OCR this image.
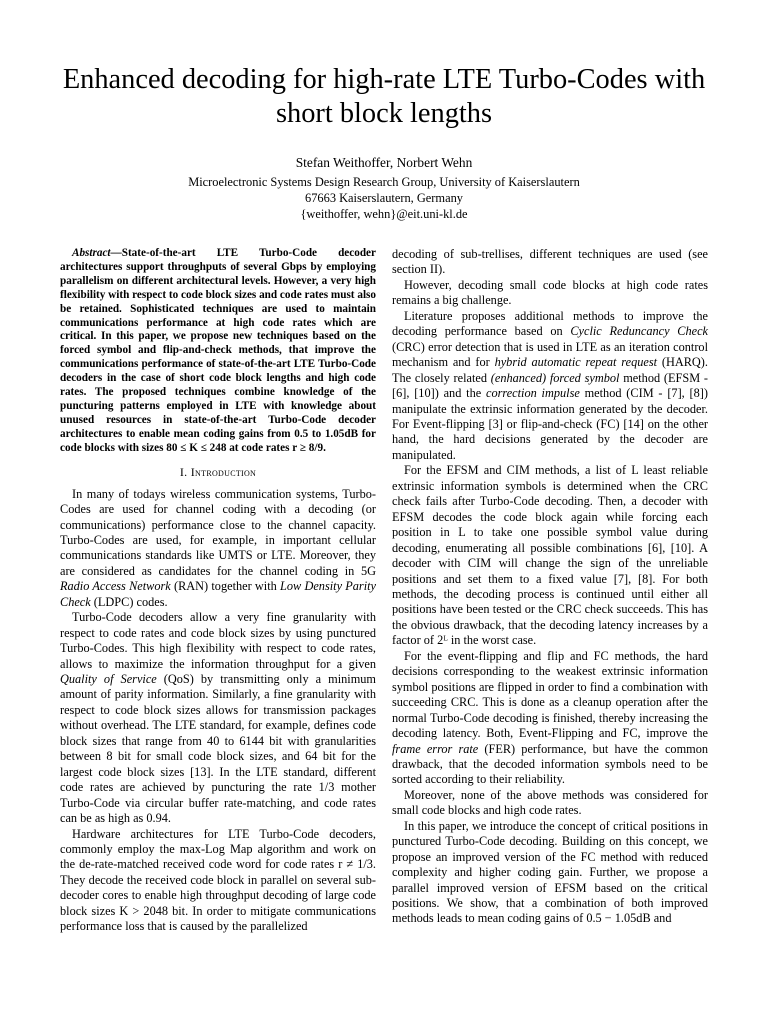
Enhanced decoding for high-rate LTE Turbo-Codes with short block lengths

Stefan Weithoffer, Norbert Wehn

Microelectronic Systems Design Research Group, University of Kaiserslautern

67663 Kaiserslautern, Germany

{weithoffer, wehn}@eit.uni-kl.de

Abstract—State-of-the-art LTE Turbo-Code decoder architectures support throughputs of several Gbps by employing parallelism on different architectural levels. However, a very high flexibility with respect to code block sizes and code rates must also be retained. Sophisticated techniques are used to maintain communications performance at high code rates which are critical. In this paper, we propose new techniques based on the forced symbol and flip-and-check methods, that improve the communications performance of state-of-the-art LTE Turbo-Code decoders in the case of short code block lengths and high code rates. The proposed techniques combine knowledge of the puncturing patterns employed in LTE with knowledge about unused resources in state-of-the-art Turbo-Code decoder architectures to enable mean coding gains from 0.5 to 1.05dB for code blocks with sizes 80 ≤ K ≤ 248 at code rates r ≥ 8/9.

I. Introduction

In many of todays wireless communication systems, Turbo-Codes are used for channel coding with a decoding (or communications) performance close to the channel capacity. Turbo-Codes are used, for example, in important cellular communications standards like UMTS or LTE. Moreover, they are considered as candidates for the channel coding in 5G Radio Access Network (RAN) together with Low Density Parity Check (LDPC) codes.

Turbo-Code decoders allow a very fine granularity with respect to code rates and code block sizes by using punctured Turbo-Codes. This high flexibility with respect to code rates, allows to maximize the information throughput for a given Quality of Service (QoS) by transmitting only a minimum amount of parity information. Similarly, a fine granularity with respect to code block sizes allows for transmission packages without overhead. The LTE standard, for example, defines code block sizes that range from 40 to 6144 bit with granularities between 8 bit for small code block sizes, and 64 bit for the largest code block sizes [13]. In the LTE standard, different code rates are achieved by puncturing the rate 1/3 mother Turbo-Code via circular buffer rate-matching, and code rates can be as high as 0.94.

Hardware architectures for LTE Turbo-Code decoders, commonly employ the max-Log Map algorithm and work on the de-rate-matched received code word for code rates r ≠ 1/3. They decode the received code block in parallel on several sub-decoder cores to enable high throughput decoding of large code block sizes K > 2048 bit. In order to mitigate communications performance loss that is caused by the parallelized

decoding of sub-trellises, different techniques are used (see section II).

However, decoding small code blocks at high code rates remains a big challenge.

Literature proposes additional methods to improve the decoding performance based on Cyclic Reduncancy Check (CRC) error detection that is used in LTE as an iteration control mechanism and for hybrid automatic repeat request (HARQ). The closely related (enhanced) forced symbol method (EFSM - [6], [10]) and the correction impulse method (CIM - [7], [8]) manipulate the extrinsic information generated by the decoder. For Event-flipping [3] or flip-and-check (FC) [14] on the other hand, the hard decisions generated by the decoder are manipulated.

For the EFSM and CIM methods, a list of L least reliable extrinsic information symbols is determined when the CRC check fails after Turbo-Code decoding. Then, a decoder with EFSM decodes the code block again while forcing each position in L to take one possible symbol value during decoding, enumerating all possible combinations [6], [10]. A decoder with CIM will change the sign of the unreliable positions and set them to a fixed value [7], [8]. For both methods, the decoding process is continued until either all positions have been tested or the CRC check succeeds. This has the obvious drawback, that the decoding latency increases by a factor of 2ᴸ in the worst case.

For the event-flipping and flip and FC methods, the hard decisions corresponding to the weakest extrinsic information symbol positions are flipped in order to find a combination with succeeding CRC. This is done as a cleanup operation after the normal Turbo-Code decoding is finished, thereby increasing the decoding latency. Both, Event-Flipping and FC, improve the frame error rate (FER) performance, but have the common drawback, that the decoded information symbols need to be sorted according to their reliability.

Moreover, none of the above methods was considered for small code blocks and high code rates.

In this paper, we introduce the concept of critical positions in punctured Turbo-Code decoding. Building on this concept, we propose an improved version of the FC method with reduced complexity and higher coding gain. Further, we propose a parallel improved version of EFSM based on the critical positions. We show, that a combination of both improved methods leads to mean coding gains of 0.5 − 1.05dB and
